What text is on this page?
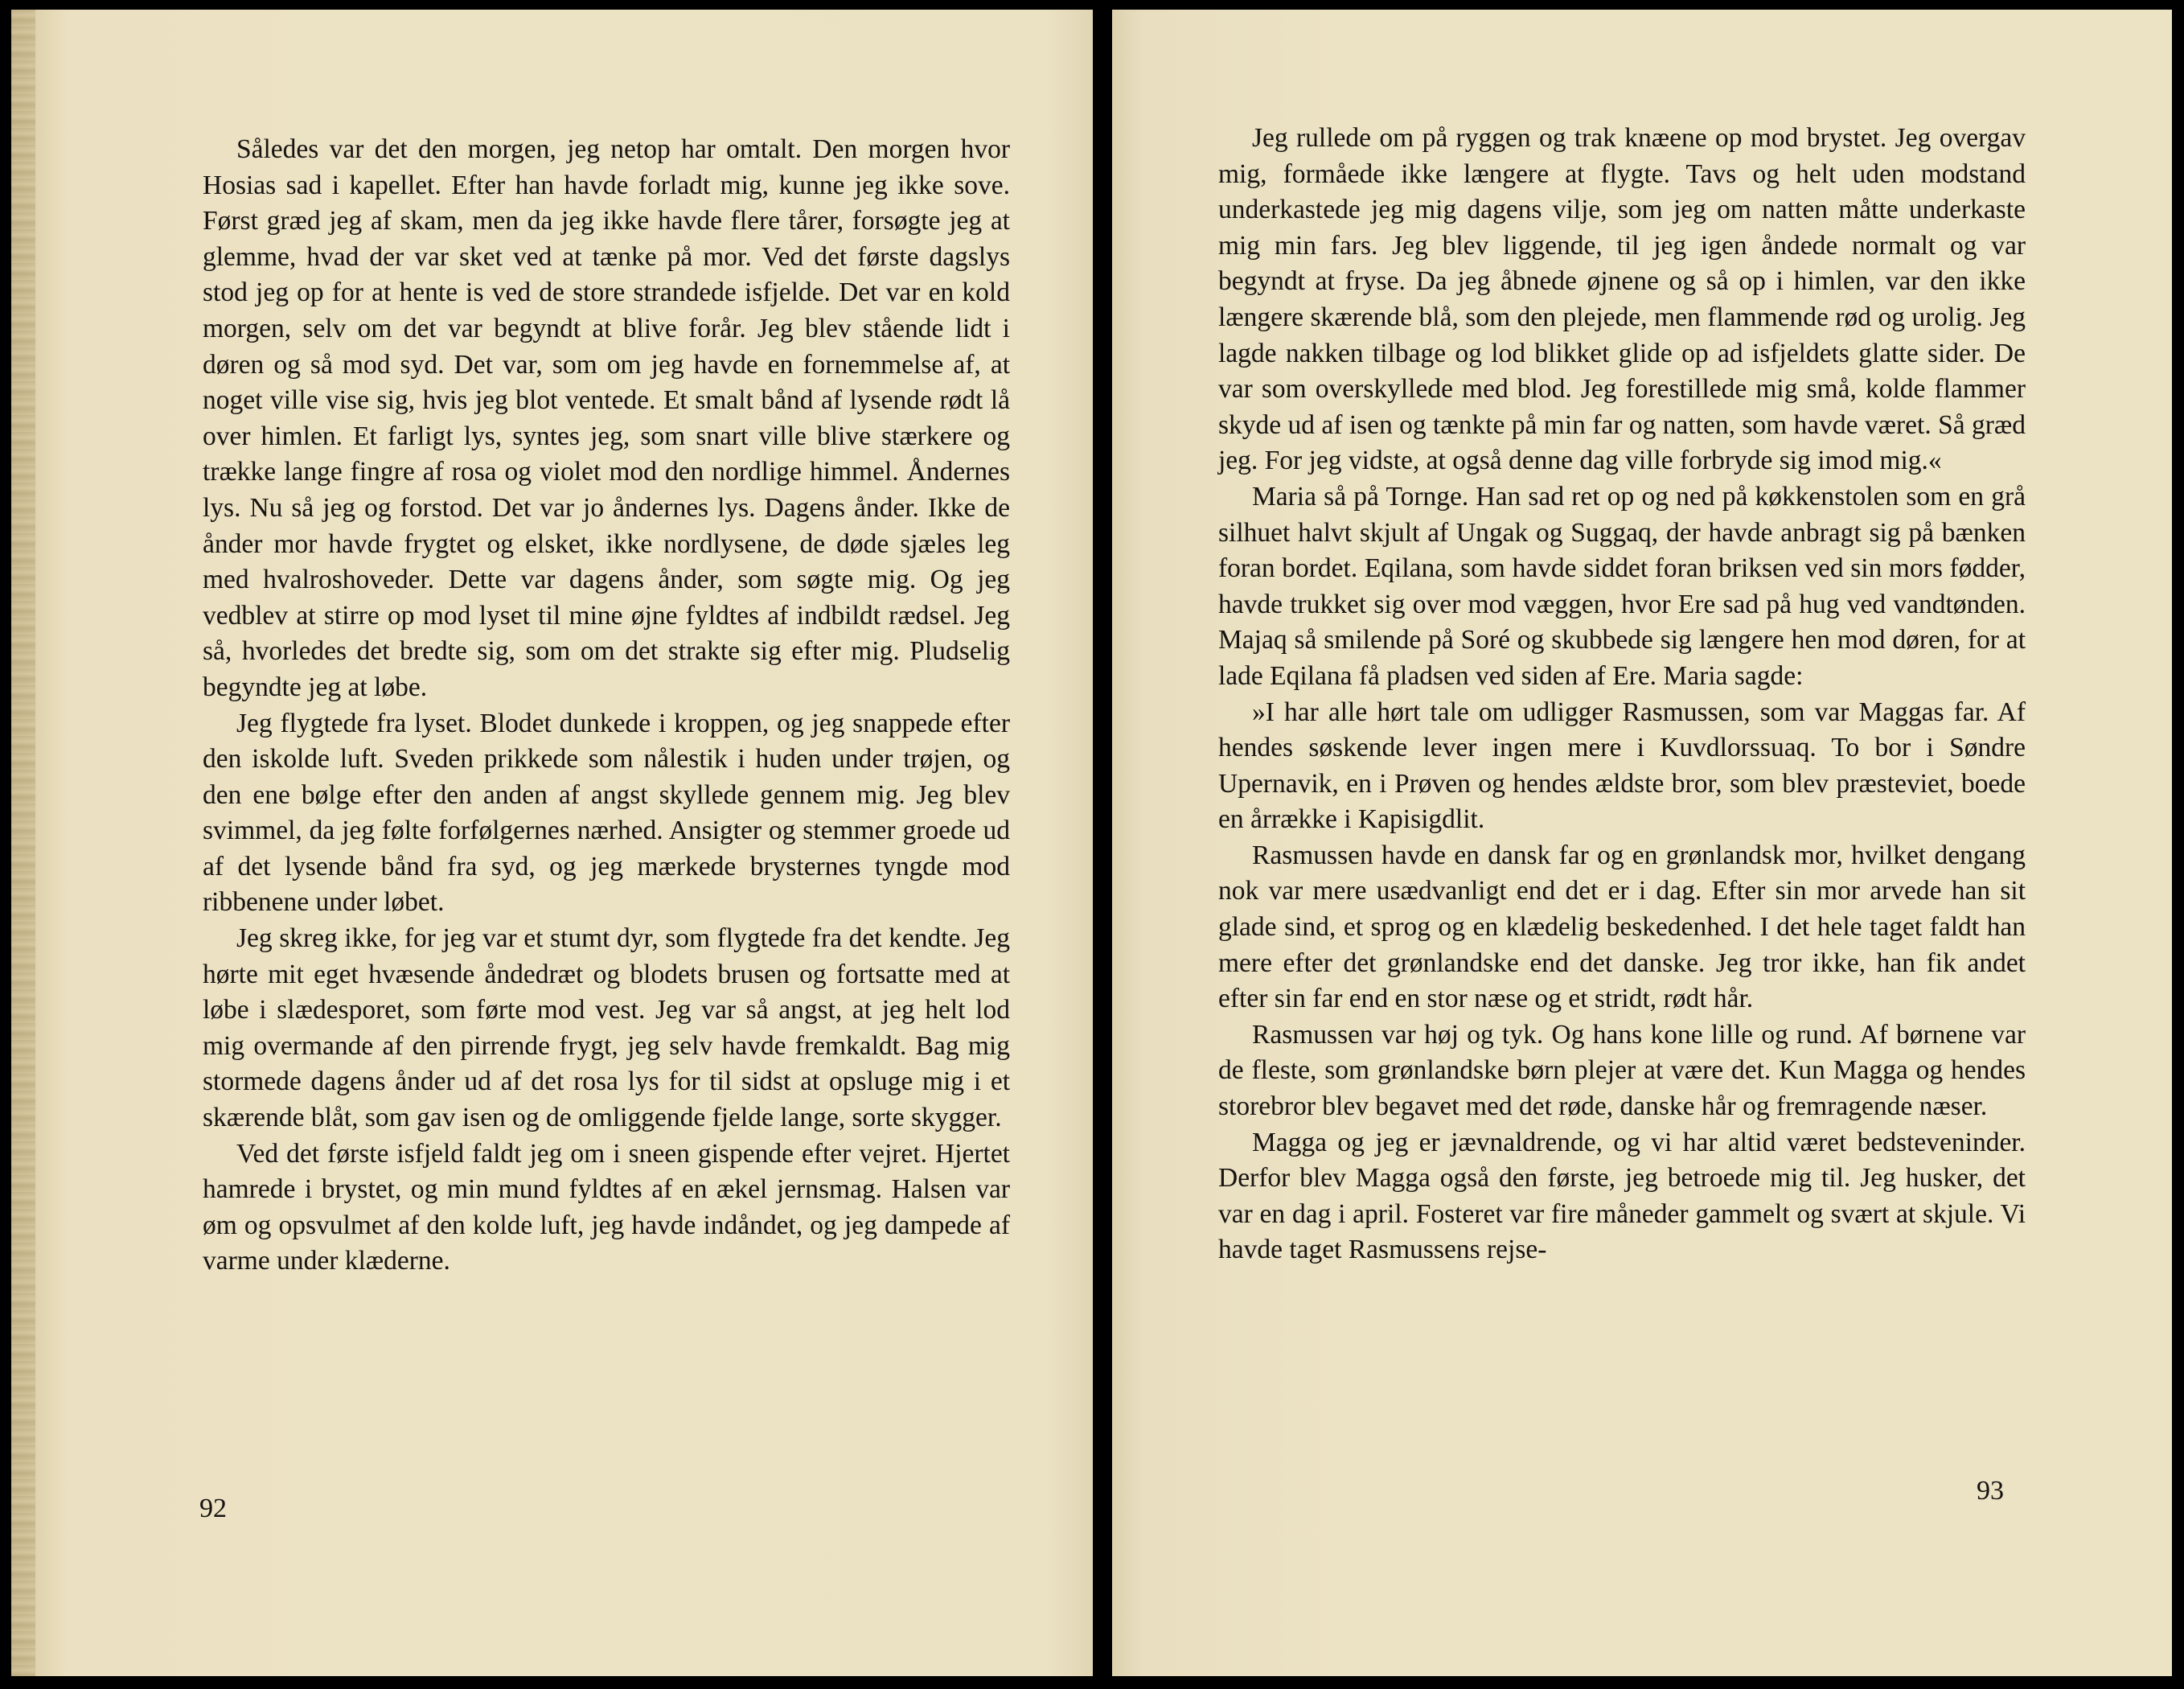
Således var det den morgen, jeg netop har omtalt. Den morgen hvor Hosias sad i kapellet. Efter han havde forladt mig, kunne jeg ikke sove. Først græd jeg af skam, men da jeg ikke havde flere tårer, forsøgte jeg at glemme, hvad der var sket ved at tænke på mor. Ved det første dagslys stod jeg op for at hente is ved de store strandede isfjelde. Det var en kold morgen, selv om det var begyndt at blive forår. Jeg blev stående lidt i døren og så mod syd. Det var, som om jeg havde en fornemmelse af, at noget ville vise sig, hvis jeg blot ventede. Et smalt bånd af lysende rødt lå over himlen. Et farligt lys, syntes jeg, som snart ville blive stærkere og trække lange fingre af rosa og violet mod den nordlige himmel. Åndernes lys. Nu så jeg og forstod. Det var jo åndernes lys. Dagens ånder. Ikke de ånder mor havde frygtet og elsket, ikke nordlysene, de døde sjæles leg med hvalroshoveder. Dette var dagens ånder, som søgte mig. Og jeg vedblev at stirre op mod lyset til mine øjne fyldtes af indbildt rædsel. Jeg så, hvorledes det bredte sig, som om det strakte sig efter mig. Pludselig begyndte jeg at løbe.

Jeg flygtede fra lyset. Blodet dunkede i kroppen, og jeg snappede efter den iskolde luft. Sveden prikkede som nålestik i huden under trøjen, og den ene bølge efter den anden af angst skyllede gennem mig. Jeg blev svimmel, da jeg følte forfølgernes nærhed. Ansigter og stemmer groede ud af det lysende bånd fra syd, og jeg mærkede brysternes tyngde mod ribbenene under løbet.

Jeg skreg ikke, for jeg var et stumt dyr, som flygtede fra det kendte. Jeg hørte mit eget hvæsende åndedræt og blodets brusen og fortsatte med at løbe i slædesporet, som førte mod vest. Jeg var så angst, at jeg helt lod mig overmande af den pirrende frygt, jeg selv havde fremkaldt. Bag mig stormede dagens ånder ud af det rosa lys for til sidst at opsluge mig i et skærende blåt, som gav isen og de omliggende fjelde lange, sorte skygger.

Ved det første isfjeld faldt jeg om i sneen gispende efter vejret. Hjertet hamrede i brystet, og min mund fyldtes af en ækel jernsmag. Halsen var øm og opsvulmet af den kolde luft, jeg havde indåndet, og jeg dampede af varme under klæderne.

92

Jeg rullede om på ryggen og trak knæene op mod brystet. Jeg overgav mig, formåede ikke længere at flygte. Tavs og helt uden modstand underkastede jeg mig dagens vilje, som jeg om natten måtte underkaste mig min fars. Jeg blev liggende, til jeg igen åndede normalt og var begyndt at fryse. Da jeg åbnede øjnene og så op i himlen, var den ikke længere skærende blå, som den plejede, men flammende rød og urolig. Jeg lagde nakken tilbage og lod blikket glide op ad isfjeldets glatte sider. De var som overskyllede med blod. Jeg forestillede mig små, kolde flammer skyde ud af isen og tænkte på min far og natten, som havde været. Så græd jeg. For jeg vidste, at også denne dag ville forbryde sig imod mig.«

Maria så på Tornge. Han sad ret op og ned på køkkenstolen som en grå silhuet halvt skjult af Ungak og Suggaq, der havde anbragt sig på bænken foran bordet. Eqilana, som havde siddet foran briksen ved sin mors fødder, havde trukket sig over mod væggen, hvor Ere sad på hug ved vandtønden. Majaq så smilende på Soré og skubbede sig længere hen mod døren, for at lade Eqilana få pladsen ved siden af Ere. Maria sagde:

»I har alle hørt tale om udligger Rasmussen, som var Maggas far. Af hendes søskende lever ingen mere i Kuvdlorssuaq. To bor i Søndre Upernavik, en i Prøven og hendes ældste bror, som blev præsteviet, boede en årrække i Kapisigdlit.

Rasmussen havde en dansk far og en grønlandsk mor, hvilket dengang nok var mere usædvanligt end det er i dag. Efter sin mor arvede han sit glade sind, et sprog og en klædelig beskedenhed. I det hele taget faldt han mere efter det grønlandske end det danske. Jeg tror ikke, han fik andet efter sin far end en stor næse og et stridt, rødt hår.

Rasmussen var høj og tyk. Og hans kone lille og rund. Af børnene var de fleste, som grønlandske børn plejer at være det. Kun Magga og hendes storebror blev begavet med det røde, danske hår og fremragende næser.

Magga og jeg er jævnaldrende, og vi har altid været bedsteveninder. Derfor blev Magga også den første, jeg betroede mig til. Jeg husker, det var en dag i april. Fosteret var fire måneder gammelt og svært at skjule. Vi havde taget Rasmussens rejse-

93
